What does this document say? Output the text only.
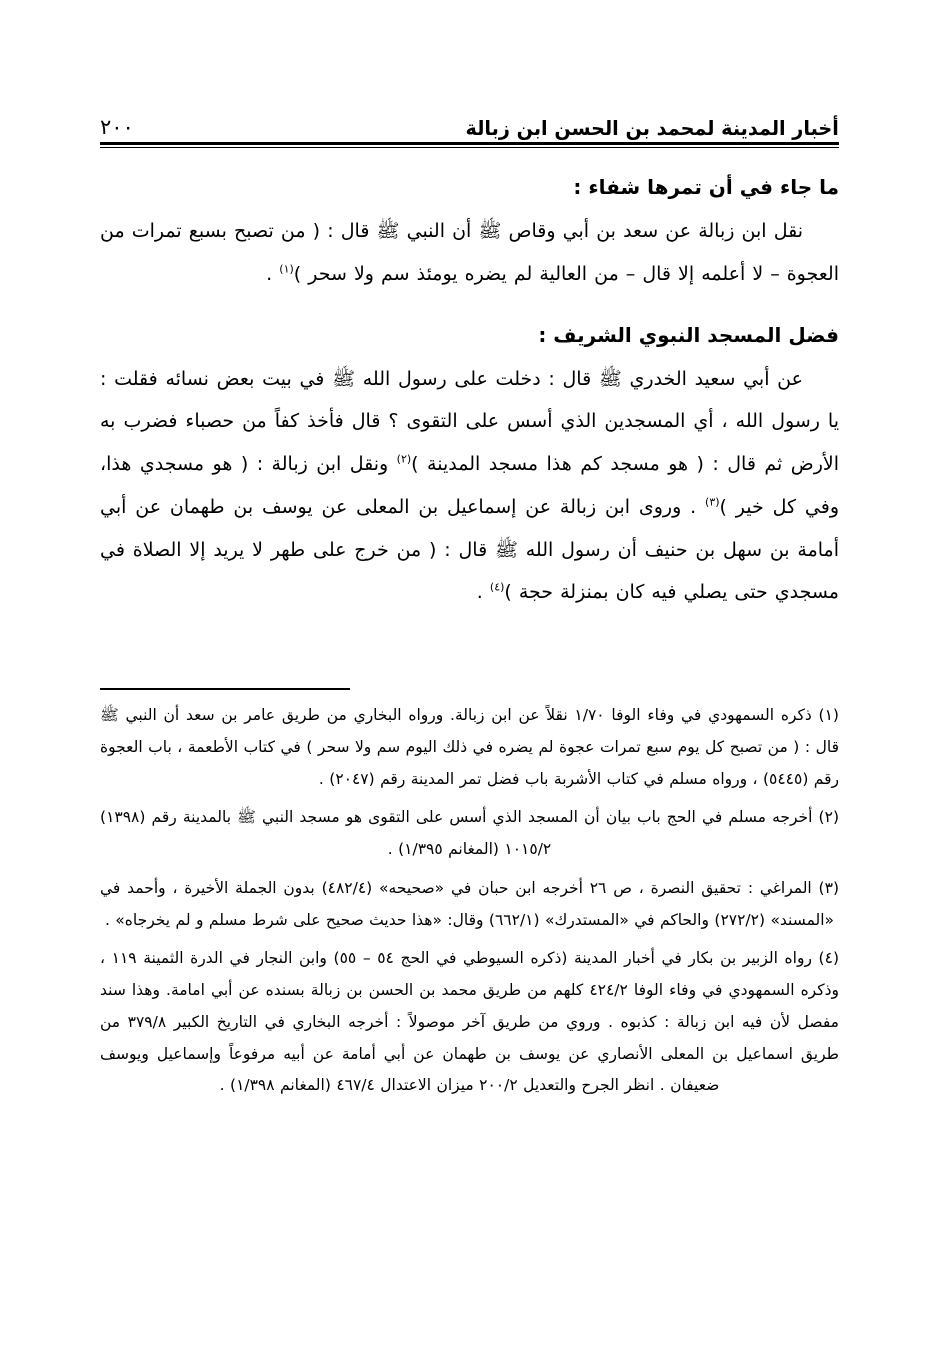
أخبار المدينة لمحمد بن الحسن ابن زبالة
٢٠٠
ما جاء في أن تمرها شفاء :

نقل ابن زبالة عن سعد بن أبي وقاص ﷺ أن النبي ﷺ قال : ( من تصبح بسبع تمرات من العجوة – لا أعلمه إلا قال – من العالية لم يضره يومئذ سم ولا سحر )$^{(١)}$ .

فضل المسجد النبوي الشريف :

عن أبي سعيد الخدري ﷺ قال : دخلت على رسول الله ﷺ في بيت بعض نسائه فقلت : يا رسول الله ، أي المسجدين الذي أسس على التقوى ؟ قال فأخذ كفاً من حصباء فضرب به الأرض ثم قال : ( هو مسجد كم هذا مسجد المدينة )$^{(٢)}$ ونقل ابن زبالة : ( هو مسجدي هذا، وفي كل خير )$^{(٣)}$ . وروى ابن زبالة عن إسماعيل بن المعلى عن يوسف بن طهمان عن أبي أمامة بن سهل بن حنيف أن رسول الله ﷺ قال : ( من خرج على طهر لا يريد إلا الصلاة في مسجدي حتى يصلي فيه كان بمنزلة حجة )$^{(٤)}$ .

(١) ذكره السمهودي في وفاء الوفا ١/٧٠ نقلاً عن ابن زبالة. ورواه البخاري من طريق عامر بن سعد أن النبي ﷺ قال : ( من تصبح كل يوم سبع تمرات عجوة لم يضره في ذلك اليوم سم ولا سحر ) في كتاب الأطعمة ، باب العجوة رقم (٥٤٤٥) ، ورواه مسلم في كتاب الأشربة باب فضل تمر المدينة رقم (٢٠٤٧) .

(٢) أخرجه مسلم في الحج باب بيان أن المسجد الذي أسس على التقوى هو مسجد النبي ﷺ بالمدينة رقم (١٣٩٨) ١٠١٥/٢ (المغانم ١/٣٩٥) .

(٣) المراغي : تحقيق النصرة ، ص ٢٦ أخرجه ابن حبان في «صحيحه» (٤٨٢/٤) بدون الجملة الأخيرة ، وأحمد في «المسند» (٢٧٢/٢) والحاكم في «المستدرك» (٦٦٢/١) وقال: «هذا حديث صحيح على شرط مسلم و لم يخرجاه» .

(٤) رواه الزبير بن بكار في أخبار المدينة (ذكره السيوطي في الحج ٥٤ – ٥٥) وابن النجار في الدرة الثمينة ١١٩ ، وذكره السمهودي في وفاء الوفا ٤٢٤/٢ كلهم من طريق محمد بن الحسن بن زبالة بسنده عن أبي امامة. وهذا سند مفصل لأن فيه ابن زبالة : كذبوه . وروي من طريق آخر موصولاً : أخرجه البخاري في التاريخ الكبير ٣٧٩/٨ من طريق اسماعيل بن المعلى الأنصاري عن يوسف بن طهمان عن أبي أمامة عن أبيه مرفوعاً وإسماعيل ويوسف ضعيفان . انظر الجرح والتعديل ٢٠٠/٢ ميزان الاعتدال ٤٦٧/٤ (المغانم ١/٣٩٨) .
